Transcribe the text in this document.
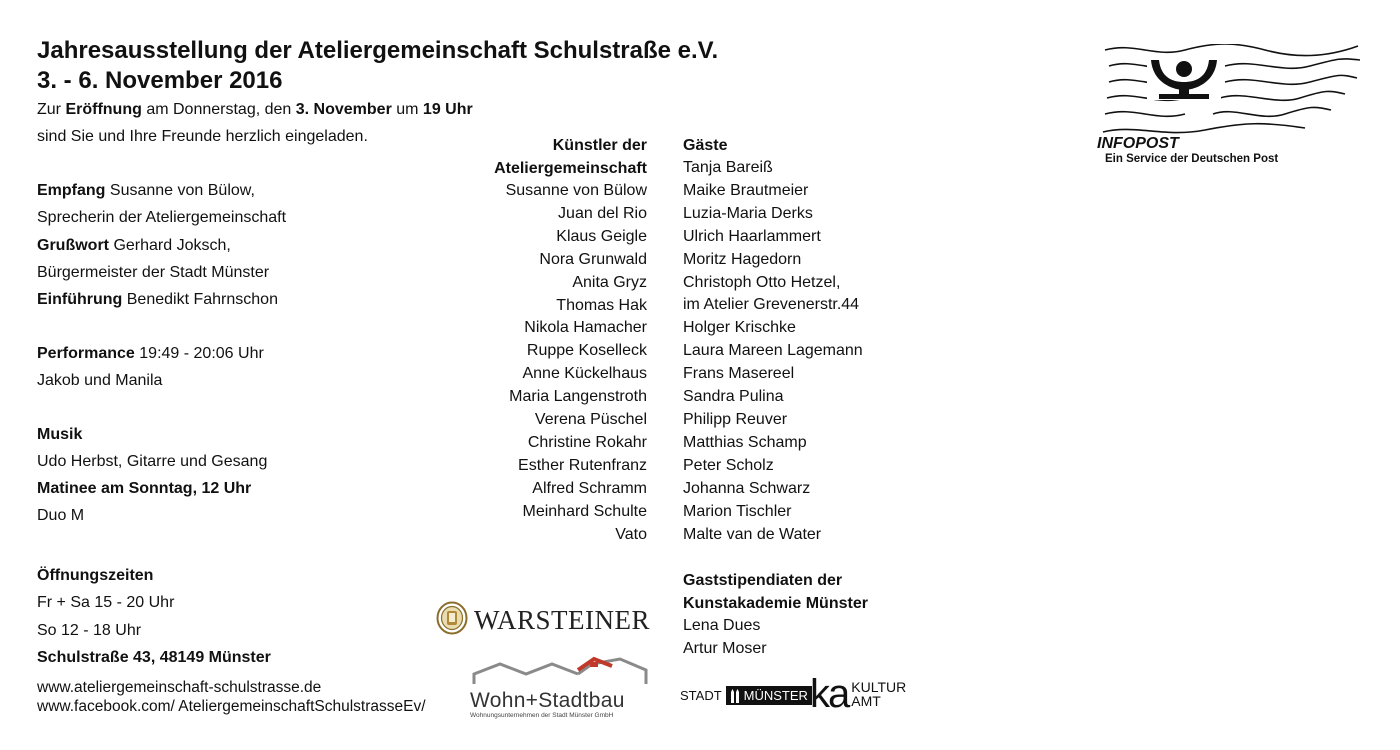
Jahresausstellung der Ateliergemeinschaft Schulstraße e.V.
3. - 6. November 2016
Zur Eröffnung am Donnerstag, den 3. November um 19 Uhr
sind Sie und Ihre Freunde herzlich eingeladen.
Empfang Susanne von Bülow,
Sprecherin der Ateliergemeinschaft
Grußwort Gerhard Joksch,
Bürgermeister der Stadt Münster
Einführung Benedikt Fahrnschon
Performance 19:49 - 20:06 Uhr
Jakob und Manila
Musik
Udo Herbst, Gitarre und Gesang
Matinee am Sonntag, 12 Uhr
Duo M
Öffnungszeiten
Fr + Sa 15 - 20 Uhr
So 12 - 18 Uhr
Schulstraße 43, 48149 Münster
www.ateliergemeinschaft-schulstrasse.de
www.facebook.com/ AteliergemeinschaftSchulstrasseEv/
Künstler der
Ateliergemeinschaft
Susanne von Bülow
Juan del Rio
Klaus Geigle
Nora Grunwald
Anita Gryz
Thomas Hak
Nikola Hamacher
Ruppe Koselleck
Anne Kückelhaus
Maria Langenstroth
Verena Püschel
Christine Rokahr
Esther Rutenfranz
Alfred Schramm
Meinhard Schulte
Vato
Gäste
Tanja Bareiß
Maike Brautmeier
Luzia-Maria Derks
Ulrich Haarlammert
Moritz Hagedorn
Christoph Otto Hetzel,
im Atelier Grevenerstr.44
Holger Krischke
Laura Mareen Lagemann
Frans Masereel
Sandra Pulina
Philipp Reuver
Matthias Schamp
Peter Scholz
Johanna Schwarz
Marion Tischler
Malte van de Water
Gaststipendiaten der
Kunstakademie Münster
Lena Dues
Artur Moser
WARSTEINER
Wohn+Stadtbau
Wohnungsunternehmen der Stadt Münster GmbH
STADT MÜNSTER ka KULTUR
AMT
INFOPOST
Ein Service der Deutschen Post
